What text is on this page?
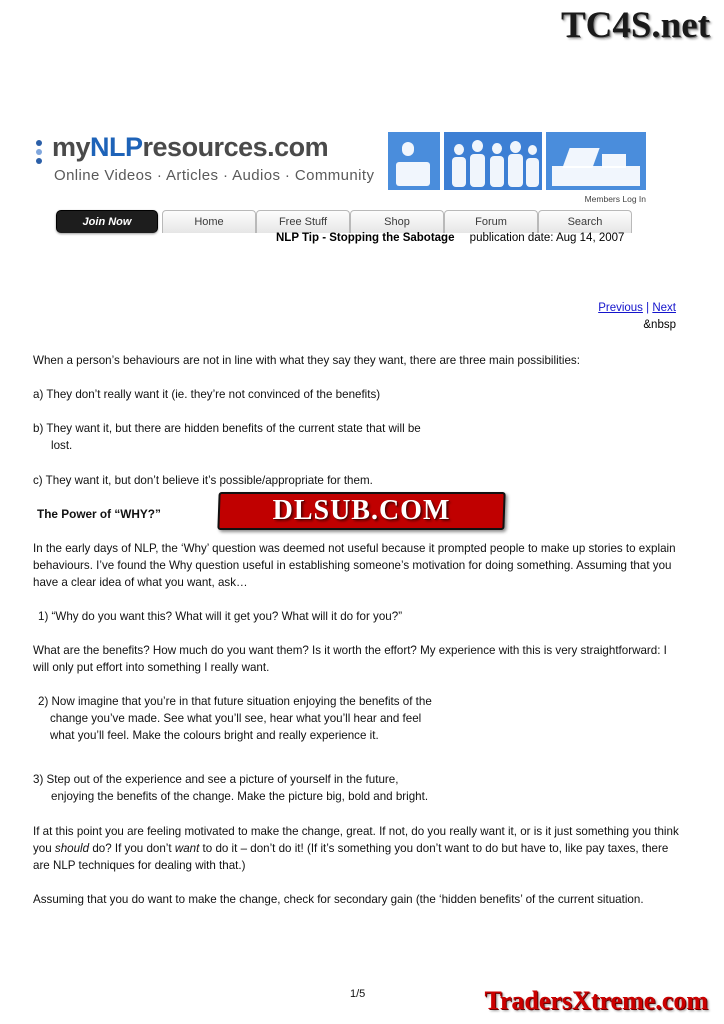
TC4S.net
myNLPresources.com
Online Videos · Articles · Audios · Community
Members Log In
Join Now	Home	Free Stuff	Shop	Forum	Search
NLP Tip - Stopping the Sabotage publication date: Aug 14, 2007
Previous | Next
&nbsp

When a person’s behaviours are not in line with what they say they want, there are three main possibilities:

a) They don’t really want it (ie. they’re not convinced of the benefits)

b) They want it, but there are hidden benefits of the current state that will be
lost.

c) They want it, but don’t believe it’s possible/appropriate for them.

The Power of “WHY?”

In the early days of NLP, the ‘Why’ question was deemed not useful because it prompted people to make up stories to explain behaviours. I’ve found the Why question useful in establishing someone’s motivation for doing something. Assuming that you have a clear idea of what you want, ask…

1) “Why do you want this? What will it get you? What will it do for you?”

What are the benefits? How much do you want them? Is it worth the effort? My experience with this is very straightforward: I will only put effort into something I really want.

2) Now imagine that you’re in that future situation enjoying the benefits of the
change you’ve made. See what you’ll see, hear what you’ll hear and feel
what you’ll feel. Make the colours bright and really experience it.

3) Step out of the experience and see a picture of yourself in the future,
enjoying the benefits of the change. Make the picture big, bold and bright.

If at this point you are feeling motivated to make the change, great. If not, do you really want it, or is it just something you think you should do? If you don’t want to do it – don’t do it! (If it’s something you don’t want to do but have to, like pay taxes, there are NLP techniques for dealing with that.)

Assuming that you do want to make the change, check for secondary gain (the ‘hidden benefits’ of the current situation.

DLSUB.COM
1/5	TradersXtreme.com
